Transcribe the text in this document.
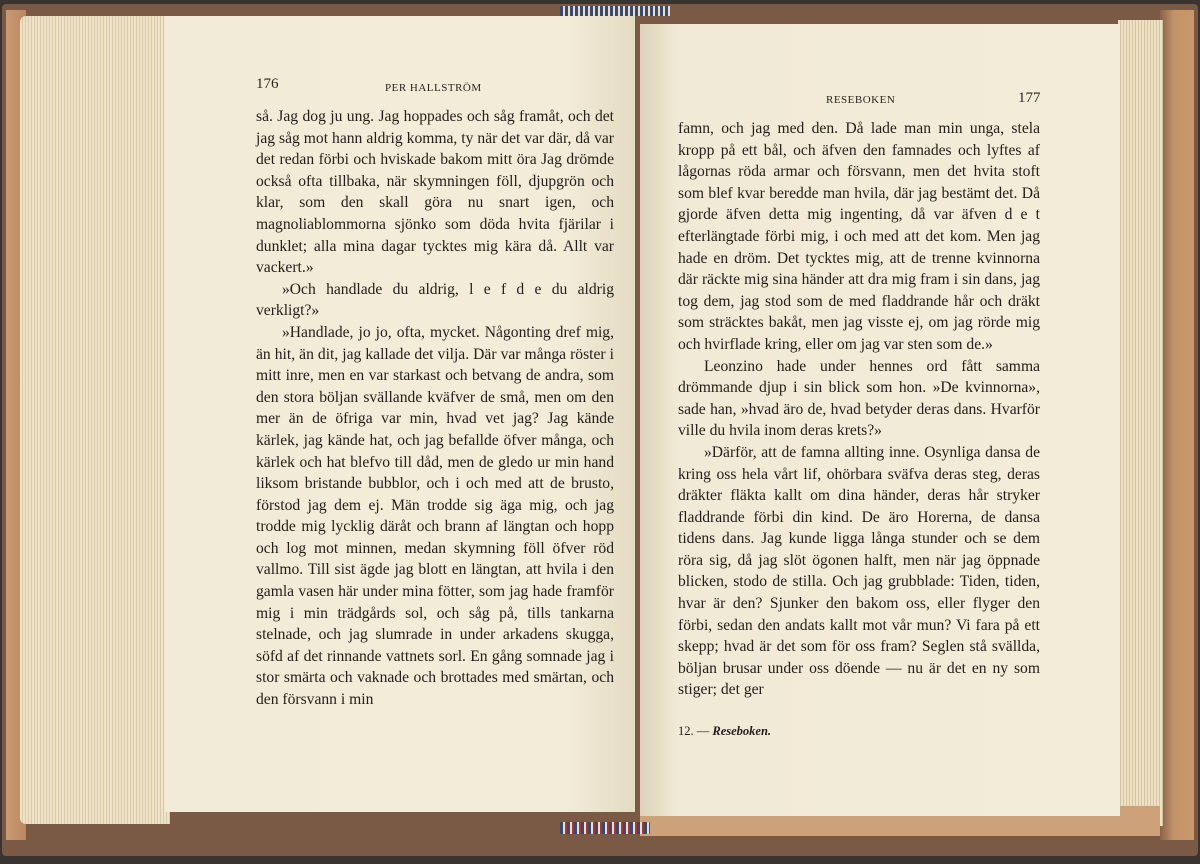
176	PER HALLSTRÖM

så. Jag dog ju ung. Jag hoppades och såg framåt, och det jag såg mot hann aldrig komma, ty när det var där, då var det redan förbi och hviskade bakom mitt öra Jag drömde också ofta tillbaka, när skymningen föll, djupgrön och klar, som den skall göra nu snart igen, och magnoliablommorna sjönko som döda hvita fjärilar i dunklet; alla mina dagar tycktes mig kära då. Allt var vackert.»

»Och handlade du aldrig, l e f d e du aldrig verkligt?»

»Handlade, jo jo, ofta, mycket. Någonting dref mig, än hit, än dit, jag kallade det vilja. Där var många röster i mitt inre, men en var starkast och betvang de andra, som den stora böljan svällande kväfver de små, men om den mer än de öfriga var min, hvad vet jag? Jag kände kärlek, jag kände hat, och jag befallde öfver många, och kärlek och hat blefvo till dåd, men de gledo ur min hand liksom bristande bubblor, och i och med att de brusto, förstod jag dem ej. Män trodde sig äga mig, och jag trodde mig lycklig däråt och brann af längtan och hopp och log mot minnen, medan skymning föll öfver röd vallmo. Till sist ägde jag blott en längtan, att hvila i den gamla vasen här under mina fötter, som jag hade framför mig i min trädgårds sol, och såg på, tills tankarna stelnade, och jag slumrade in under arkadens skugga, söfd af det rinnande vattnets sorl. En gång somnade jag i stor smärta och vaknade och brottades med smärtan, och den försvann i min

RESEBOKEN	177

famn, och jag med den. Då lade man min unga, stela kropp på ett bål, och äfven den famnades och lyftes af lågornas röda armar och försvann, men det hvita stoft som blef kvar beredde man hvila, där jag bestämt det. Då gjorde äfven detta mig ingenting, då var äfven d e t efterlängtade förbi mig, i och med att det kom. Men jag hade en dröm. Det tycktes mig, att de trenne kvinnorna där räckte mig sina händer att dra mig fram i sin dans, jag tog dem, jag stod som de med fladdrande hår och dräkt som sträcktes bakåt, men jag visste ej, om jag rörde mig och hvirflade kring, eller om jag var sten som de.»

Leonzino hade under hennes ord fått samma drömmande djup i sin blick som hon. »De kvinnorna», sade han, »hvad äro de, hvad betyder deras dans. Hvarför ville du hvila inom deras krets?»

»Därför, att de famna allting inne. Osynliga dansa de kring oss hela vårt lif, ohörbara sväfva deras steg, deras dräkter fläkta kallt om dina händer, deras hår stryker fladdrande förbi din kind. De äro Horerna, de dansa tidens dans. Jag kunde ligga långa stunder och se dem röra sig, då jag slöt ögonen halft, men när jag öppnade blicken, stodo de stilla. Och jag grubblade: Tiden, tiden, hvar är den? Sjunker den bakom oss, eller flyger den förbi, sedan den andats kallt mot vår mun? Vi fara på ett skepp; hvad är det som för oss fram? Seglen stå svällda, böljan brusar under oss döende — nu är det en ny som stiger; det ger

12. — Reseboken.
